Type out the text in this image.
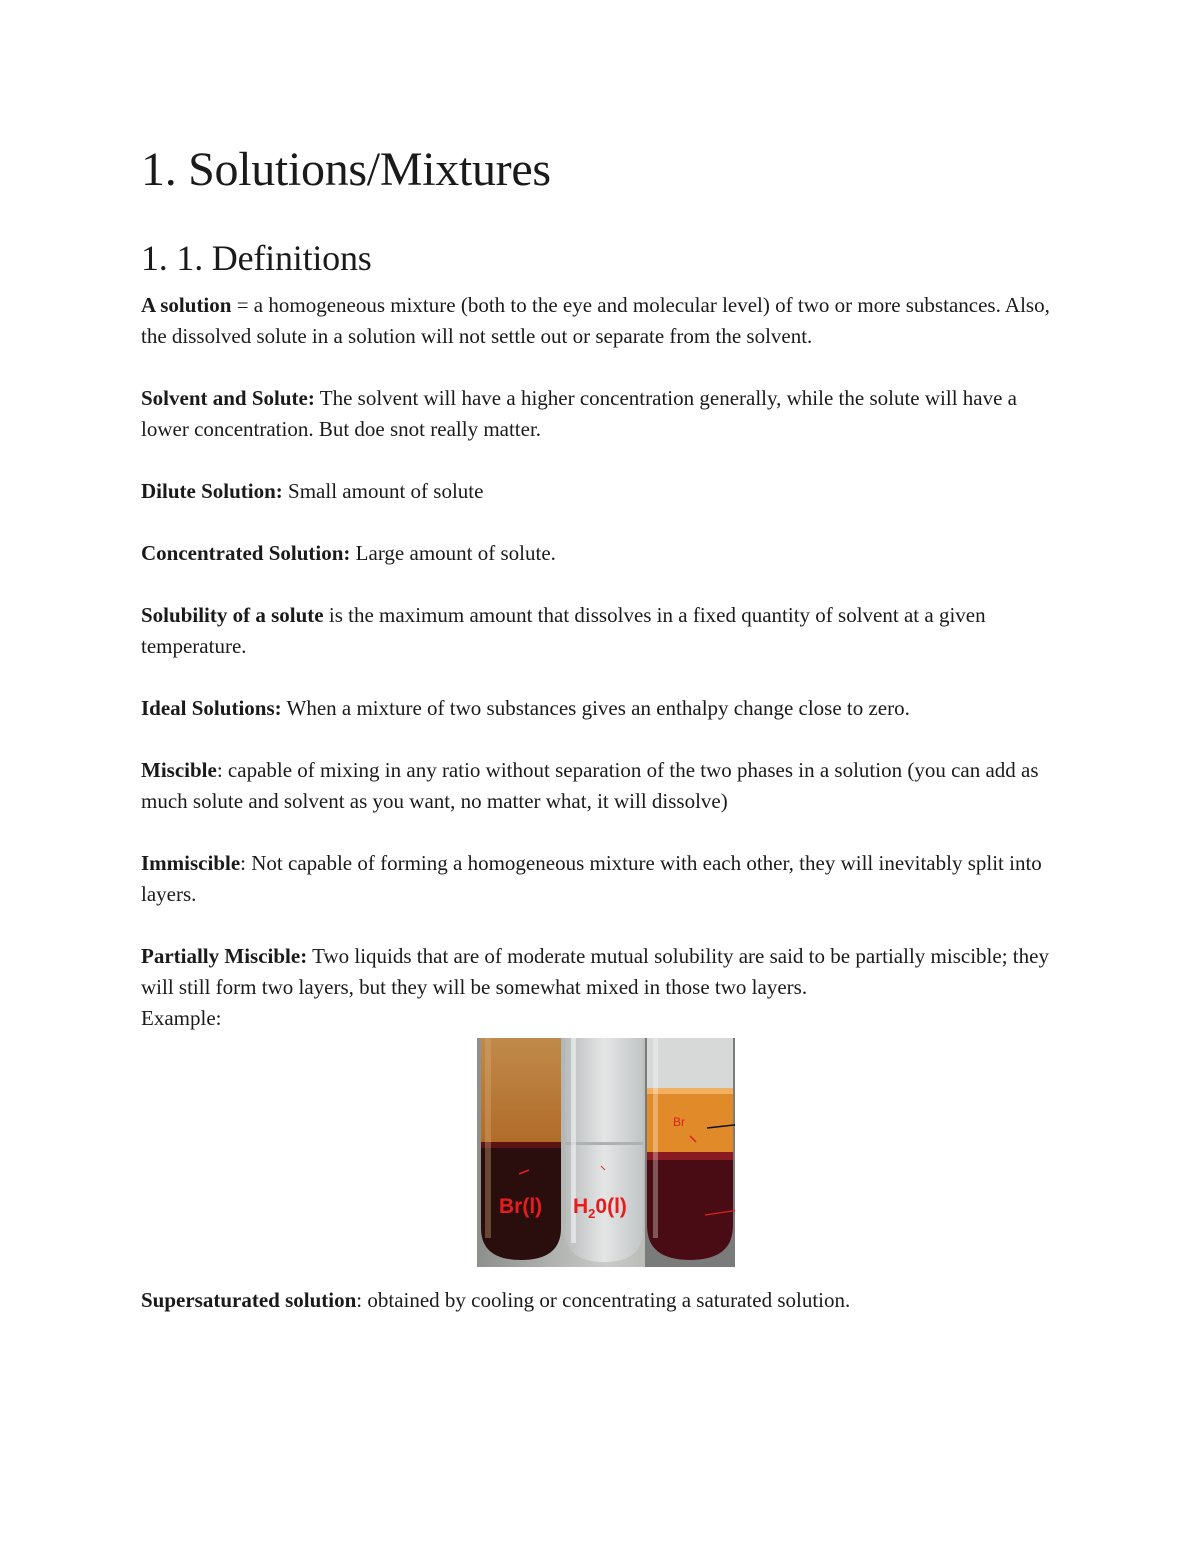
1. Solutions/Mixtures
1. 1. Definitions

A solution = a homogeneous mixture (both to the eye and molecular level) of two or more substances. Also, the dissolved solute in a solution will not settle out or separate from the solvent.

Solvent and Solute: The solvent will have a higher concentration generally, while the solute will have a lower concentration. But doe snot really matter.

Dilute Solution: Small amount of solute

Concentrated Solution: Large amount of solute.

Solubility of a solute is the maximum amount that dissolves in a fixed quantity of solvent at a given temperature.

Ideal Solutions: When a mixture of two substances gives an enthalpy change close to zero.

Miscible: capable of mixing in any ratio without separation of the two phases in a solution (you can add as much solute and solvent as you want, no matter what, it will dissolve)

Immiscible: Not capable of forming a homogeneous mixture with each other, they will inevitably split into layers.

Partially Miscible: Two liquids that are of moderate mutual solubility are said to be partially miscible; they will still form two layers, but they will be somewhat mixed in those two layers.
Example:

Br
Br(l) $H_20(l)$

Supersaturated solution: obtained by cooling or concentrating a saturated solution.
